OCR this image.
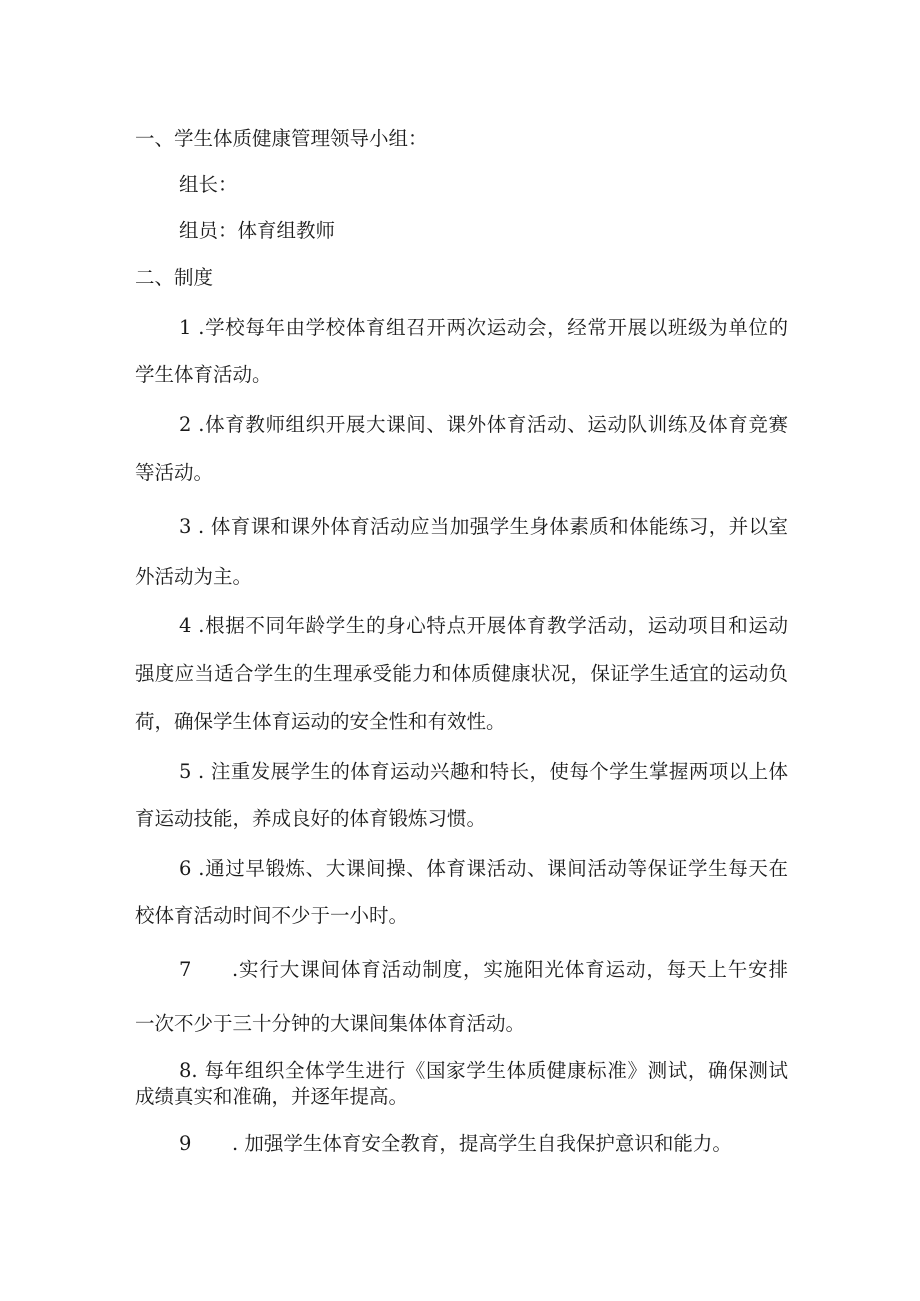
一、学生体质健康管理领导小组：
组长：
组员：体育组教师
二、制度
1 .学校每年由学校体育组召开两次运动会，经常开展以班级为单位的
学生体育活动。
2 .体育教师组织开展大课间、课外体育活动、运动队训练及体育竞赛
等活动。
3 . 体育课和课外体育活动应当加强学生身体素质和体能练习，并以室
外活动为主。
4 .根据不同年龄学生的身心特点开展体育教学活动，运动项目和运动
强度应当适合学生的生理承受能力和体质健康状况，保证学生适宜的运动负
荷，确保学生体育运动的安全性和有效性。
5 . 注重发展学生的体育运动兴趣和特长，使每个学生掌握两项以上体
育运动技能，养成良好的体育锻炼习惯。
6 .通过早锻炼、大课间操、体育课活动、课间活动等保证学生每天在
校体育活动时间不少于一小时。
7 .实行大课间体育活动制度，实施阳光体育运动，每天上午安排
一次不少于三十分钟的大课间集体体育活动。
8. 每年组织全体学生进行《国家学生体质健康标准》测试，确保测试
成绩真实和准确，并逐年提高。
9 . 加强学生体育安全教育，提高学生自我保护意识和能力。
